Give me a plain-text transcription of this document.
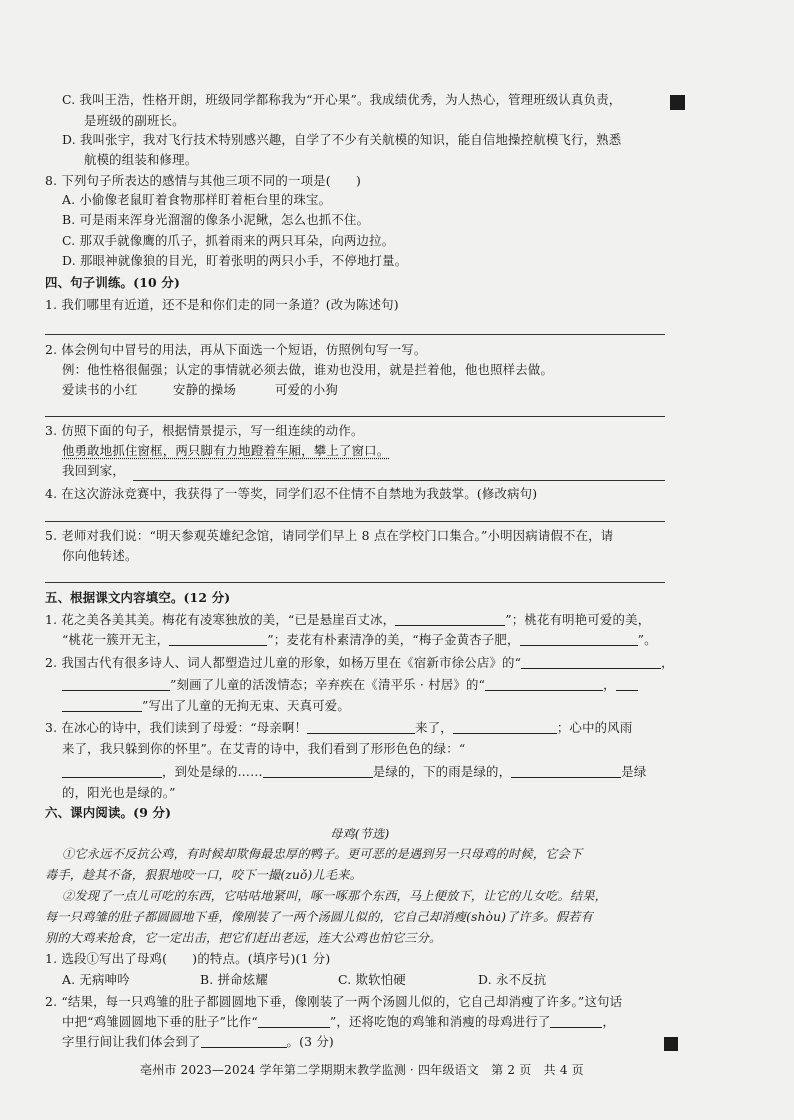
C. 我叫王浩，性格开朗，班级同学都称我为“开心果”。我成绩优秀，为人热心，管理班级认真负责，
是班级的副班长。
D. 我叫张宇，我对飞行技术特别感兴趣，自学了不少有关航模的知识，能自信地操控航模飞行，熟悉
航模的组装和修理。
8. 下列句子所表达的感情与其他三项不同的一项是(　　)
A. 小偷像老鼠盯着食物那样盯着柜台里的珠宝。
B. 可是雨来浑身光溜溜的像条小泥鳅，怎么也抓不住。
C. 那双手就像鹰的爪子，抓着雨来的两只耳朵，向两边拉。
D. 那眼神就像狼的目光，盯着张明的两只小手，不停地打量。
四、句子训练。(10 分)
1. 我们哪里有近道，还不是和你们走的同一条道？(改为陈述句)
2. 体会例句中冒号的用法，再从下面选一个短语，仿照例句写一写。
例：他性格很倔强；认定的事情就必须去做，谁劝也没用，就是拦着他，他也照样去做。
爱读书的小红	安静的操场	可爱的小狗
3. 仿照下面的句子，根据情景提示，写一组连续的动作。
他勇敢地抓住窗框，两只脚有力地蹬着车厢，攀上了窗口。
我回到家，
4. 在这次游泳竞赛中，我获得了一等奖，同学们忍不住情不自禁地为我鼓掌。(修改病句)
5. 老师对我们说：“明天参观英雄纪念馆，请同学们早上 8 点在学校门口集合。”小明因病请假不在，请
你向他转述。
五、根据课文内容填空。(12 分)
1. 花之美各美其美。梅花有凌寒独放的美，“已是悬崖百丈冰，	”；桃花有明艳可爱的美，
“桃花一簇开无主，	”；麦花有朴素清净的美，“梅子金黄杏子肥，	”。
2. 我国古代有很多诗人、词人都塑造过儿童的形象，如杨万里在《宿新市徐公店》的“	，
”刻画了儿童的活泼情态；辛弃疾在《清平乐 · 村居》的“	，
”写出了儿童的无拘无束、天真可爱。
3. 在冰心的诗中，我们读到了母爱：“母亲啊！	来了，	；心中的风雨
来了，我只躲到你的怀里”。在艾青的诗中，我们看到了形形色色的绿：“
，到处是绿的……	是绿的，下的雨是绿的，	是绿
的，阳光也是绿的。”
六、课内阅读。(9 分)
母鸡(节选)
①它永远不反抗公鸡，有时候却欺侮最忠厚的鸭子。更可恶的是遇到另一只母鸡的时候，它会下
毒手，趁其不备，狠狠地咬一口，咬下一撮(zuǒ)儿毛来。
②发现了一点儿可吃的东西，它咕咕地紧叫，啄一啄那个东西，马上便放下，让它的儿女吃。结果，
每一只鸡雏的肚子都圆圆地下垂，像刚装了一两个汤圆儿似的，它自己却消瘦(shòu)了许多。假若有
别的大鸡来抢食，它一定出击，把它们赶出老远，连大公鸡也怕它三分。
1. 选段①写出了母鸡(　　)的特点。(填序号)(1 分)
A. 无病呻吟	B. 拼命炫耀	C. 欺软怕硬	D. 永不反抗
2. “结果，每一只鸡雏的肚子都圆圆地下垂，像刚装了一两个汤圆儿似的，它自己却消瘦了许多。”这句话
中把“鸡雏圆圆地下垂的肚子”比作“	”，还将吃饱的鸡雏和消瘦的母鸡进行了	，
字里行间让我们体会到了	。(3 分)
亳州市 2023—2024 学年第二学期期末教学监测 · 四年级语文　第 2 页　共 4 页
